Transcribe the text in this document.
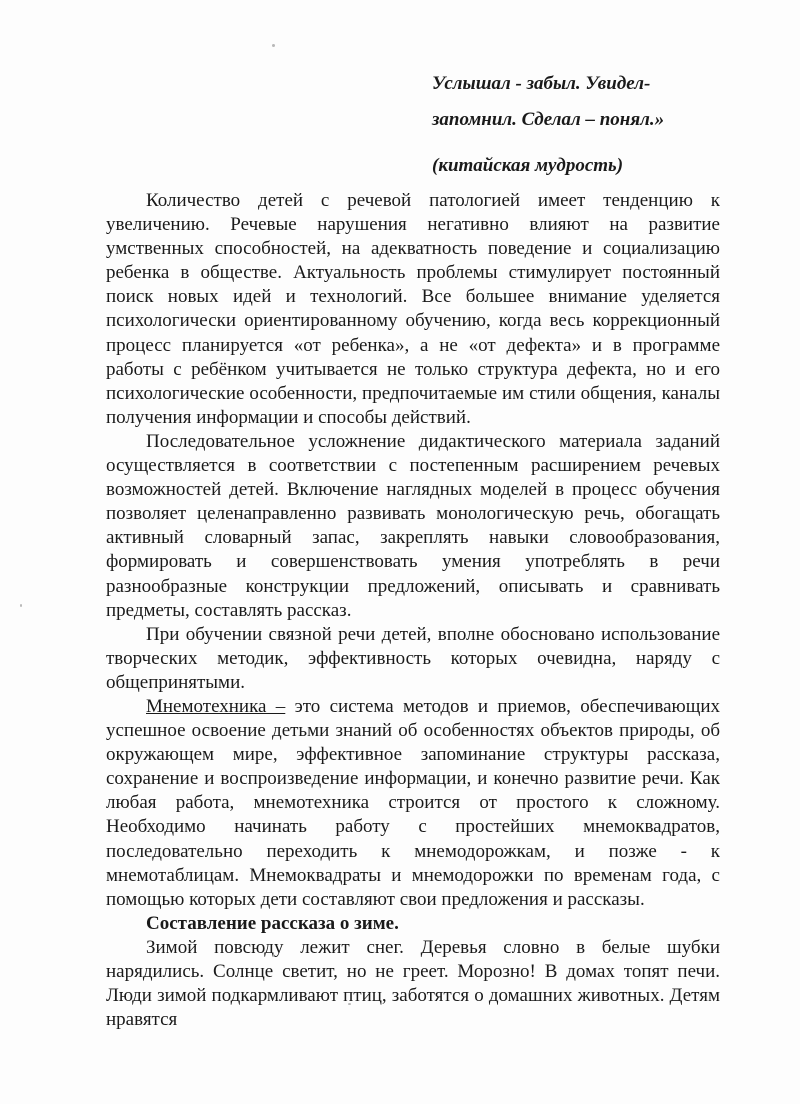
Услышал - забыл. Увидел-
запомнил. Сделал – понял.»
(китайская мудрость)

Количество детей с речевой патологией имеет тенденцию к увеличению. Речевые нарушения негативно влияют на развитие умственных способностей, на адекватность поведение и социализацию ребенка в обществе. Актуальность проблемы стимулирует постоянный поиск новых идей и технологий. Все большее внимание уделяется психологически ориентированному обучению, когда весь коррекционный процесс планируется «от ребенка», а не «от дефекта» и в программе работы с ребёнком учитывается не только структура дефекта, но и его психологические особенности, предпочитаемые им стили общения, каналы получения информации и способы действий.

Последовательное усложнение дидактического материала заданий осуществляется в соответствии с постепенным расширением речевых возможностей детей. Включение наглядных моделей в процесс обучения позволяет целенаправленно развивать монологическую речь, обогащать активный словарный запас, закреплять навыки словообразования, формировать и совершенствовать умения употреблять в речи разнообразные конструкции предложений, описывать и сравнивать предметы, составлять рассказ.

При обучении связной речи детей, вполне обосновано использование творческих методик, эффективность которых очевидна, наряду с общепринятыми.

Мнемотехника – это система методов и приемов, обеспечивающих успешное освоение детьми знаний об особенностях объектов природы, об окружающем мире, эффективное запоминание структуры рассказа, сохранение и воспроизведение информации, и конечно развитие речи. Как любая работа, мнемотехника строится от простого к сложному. Необходимо начинать работу с простейших мнемоквадратов, последовательно переходить к мнемодорожкам, и позже - к мнемотаблицам. Мнемоквадраты и мнемодорожки по временам года, с помощью которых дети составляют свои предложения и рассказы.

Составление рассказа о зиме.

Зимой повсюду лежит снег. Деревья словно в белые шубки нарядились. Солнце светит, но не греет. Морозно! В домах топят печи. Люди зимой подкармливают птиц, заботятся о домашних животных. Детям нравятся
